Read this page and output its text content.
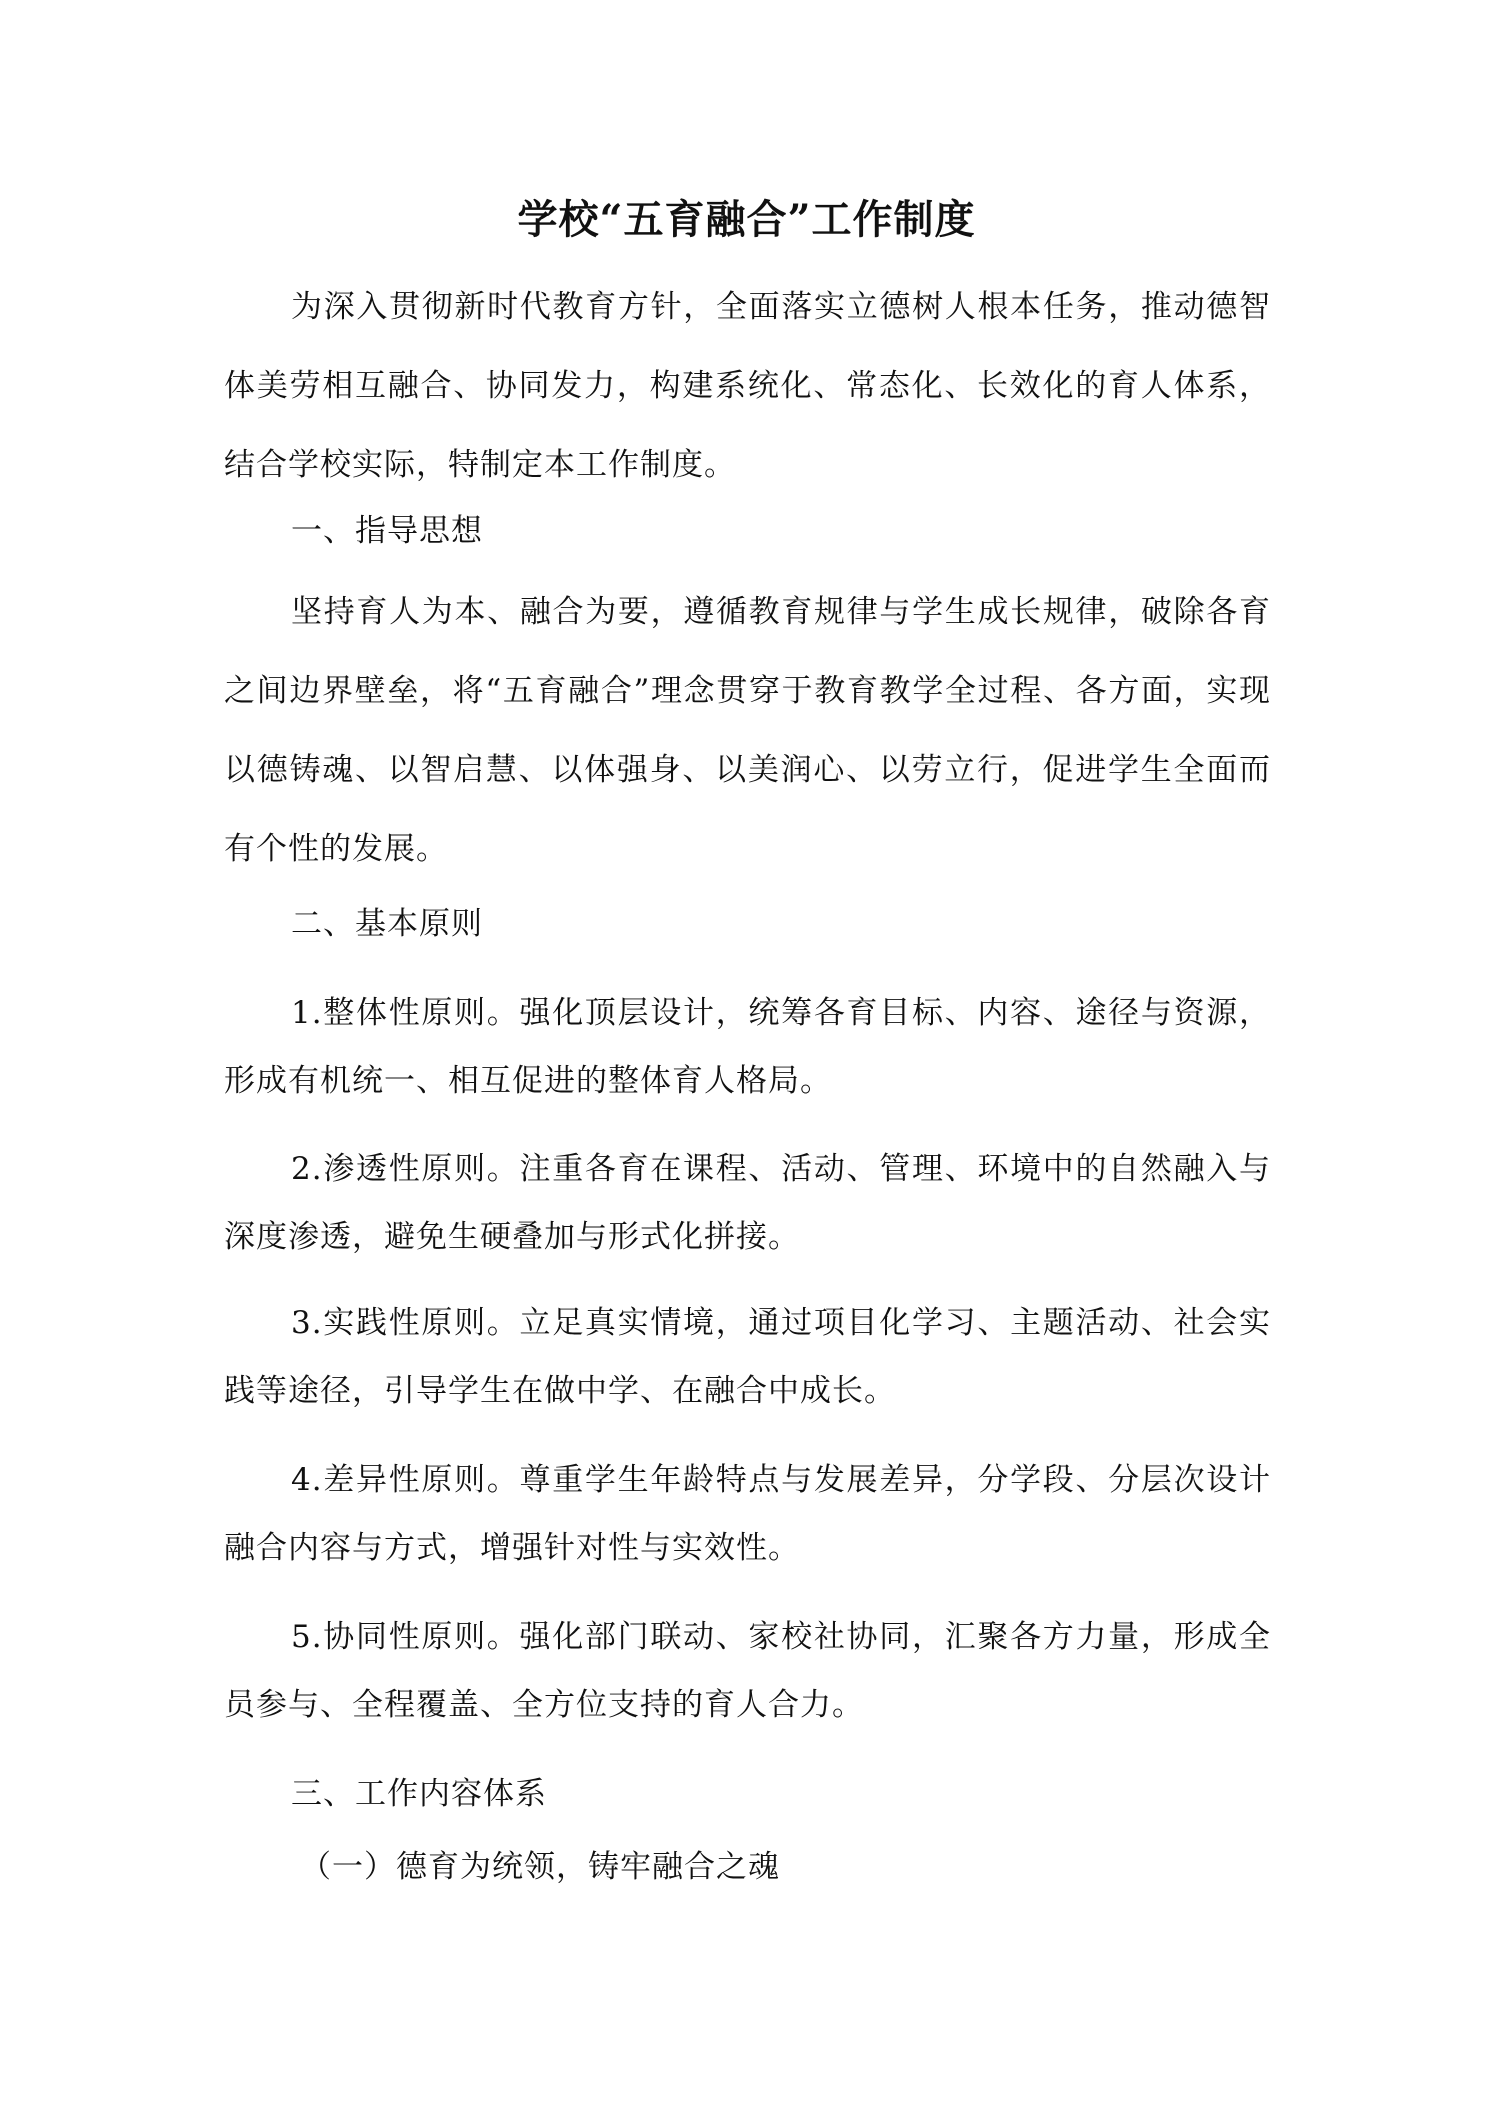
学校“五育融合”工作制度

为深入贯彻新时代教育方针，全面落实立德树人根本任务，推动德智体美劳相互融合、协同发力，构建系统化、常态化、长效化的育人体系，结合学校实际，特制定本工作制度。

一、指导思想

坚持育人为本、融合为要，遵循教育规律与学生成长规律，破除各育之间边界壁垒，将“五育融合”理念贯穿于教育教学全过程、各方面，实现以德铸魂、以智启慧、以体强身、以美润心、以劳立行，促进学生全面而有个性的发展。

二、基本原则

1.整体性原则。强化顶层设计，统筹各育目标、内容、途径与资源，形成有机统一、相互促进的整体育人格局。

2.渗透性原则。注重各育在课程、活动、管理、环境中的自然融入与深度渗透，避免生硬叠加与形式化拼接。

3.实践性原则。立足真实情境，通过项目化学习、主题活动、社会实践等途径，引导学生在做中学、在融合中成长。

4.差异性原则。尊重学生年龄特点与发展差异，分学段、分层次设计融合内容与方式，增强针对性与实效性。

5.协同性原则。强化部门联动、家校社协同，汇聚各方力量，形成全员参与、全程覆盖、全方位支持的育人合力。

三、工作内容体系
（一）德育为统领，铸牢融合之魂
